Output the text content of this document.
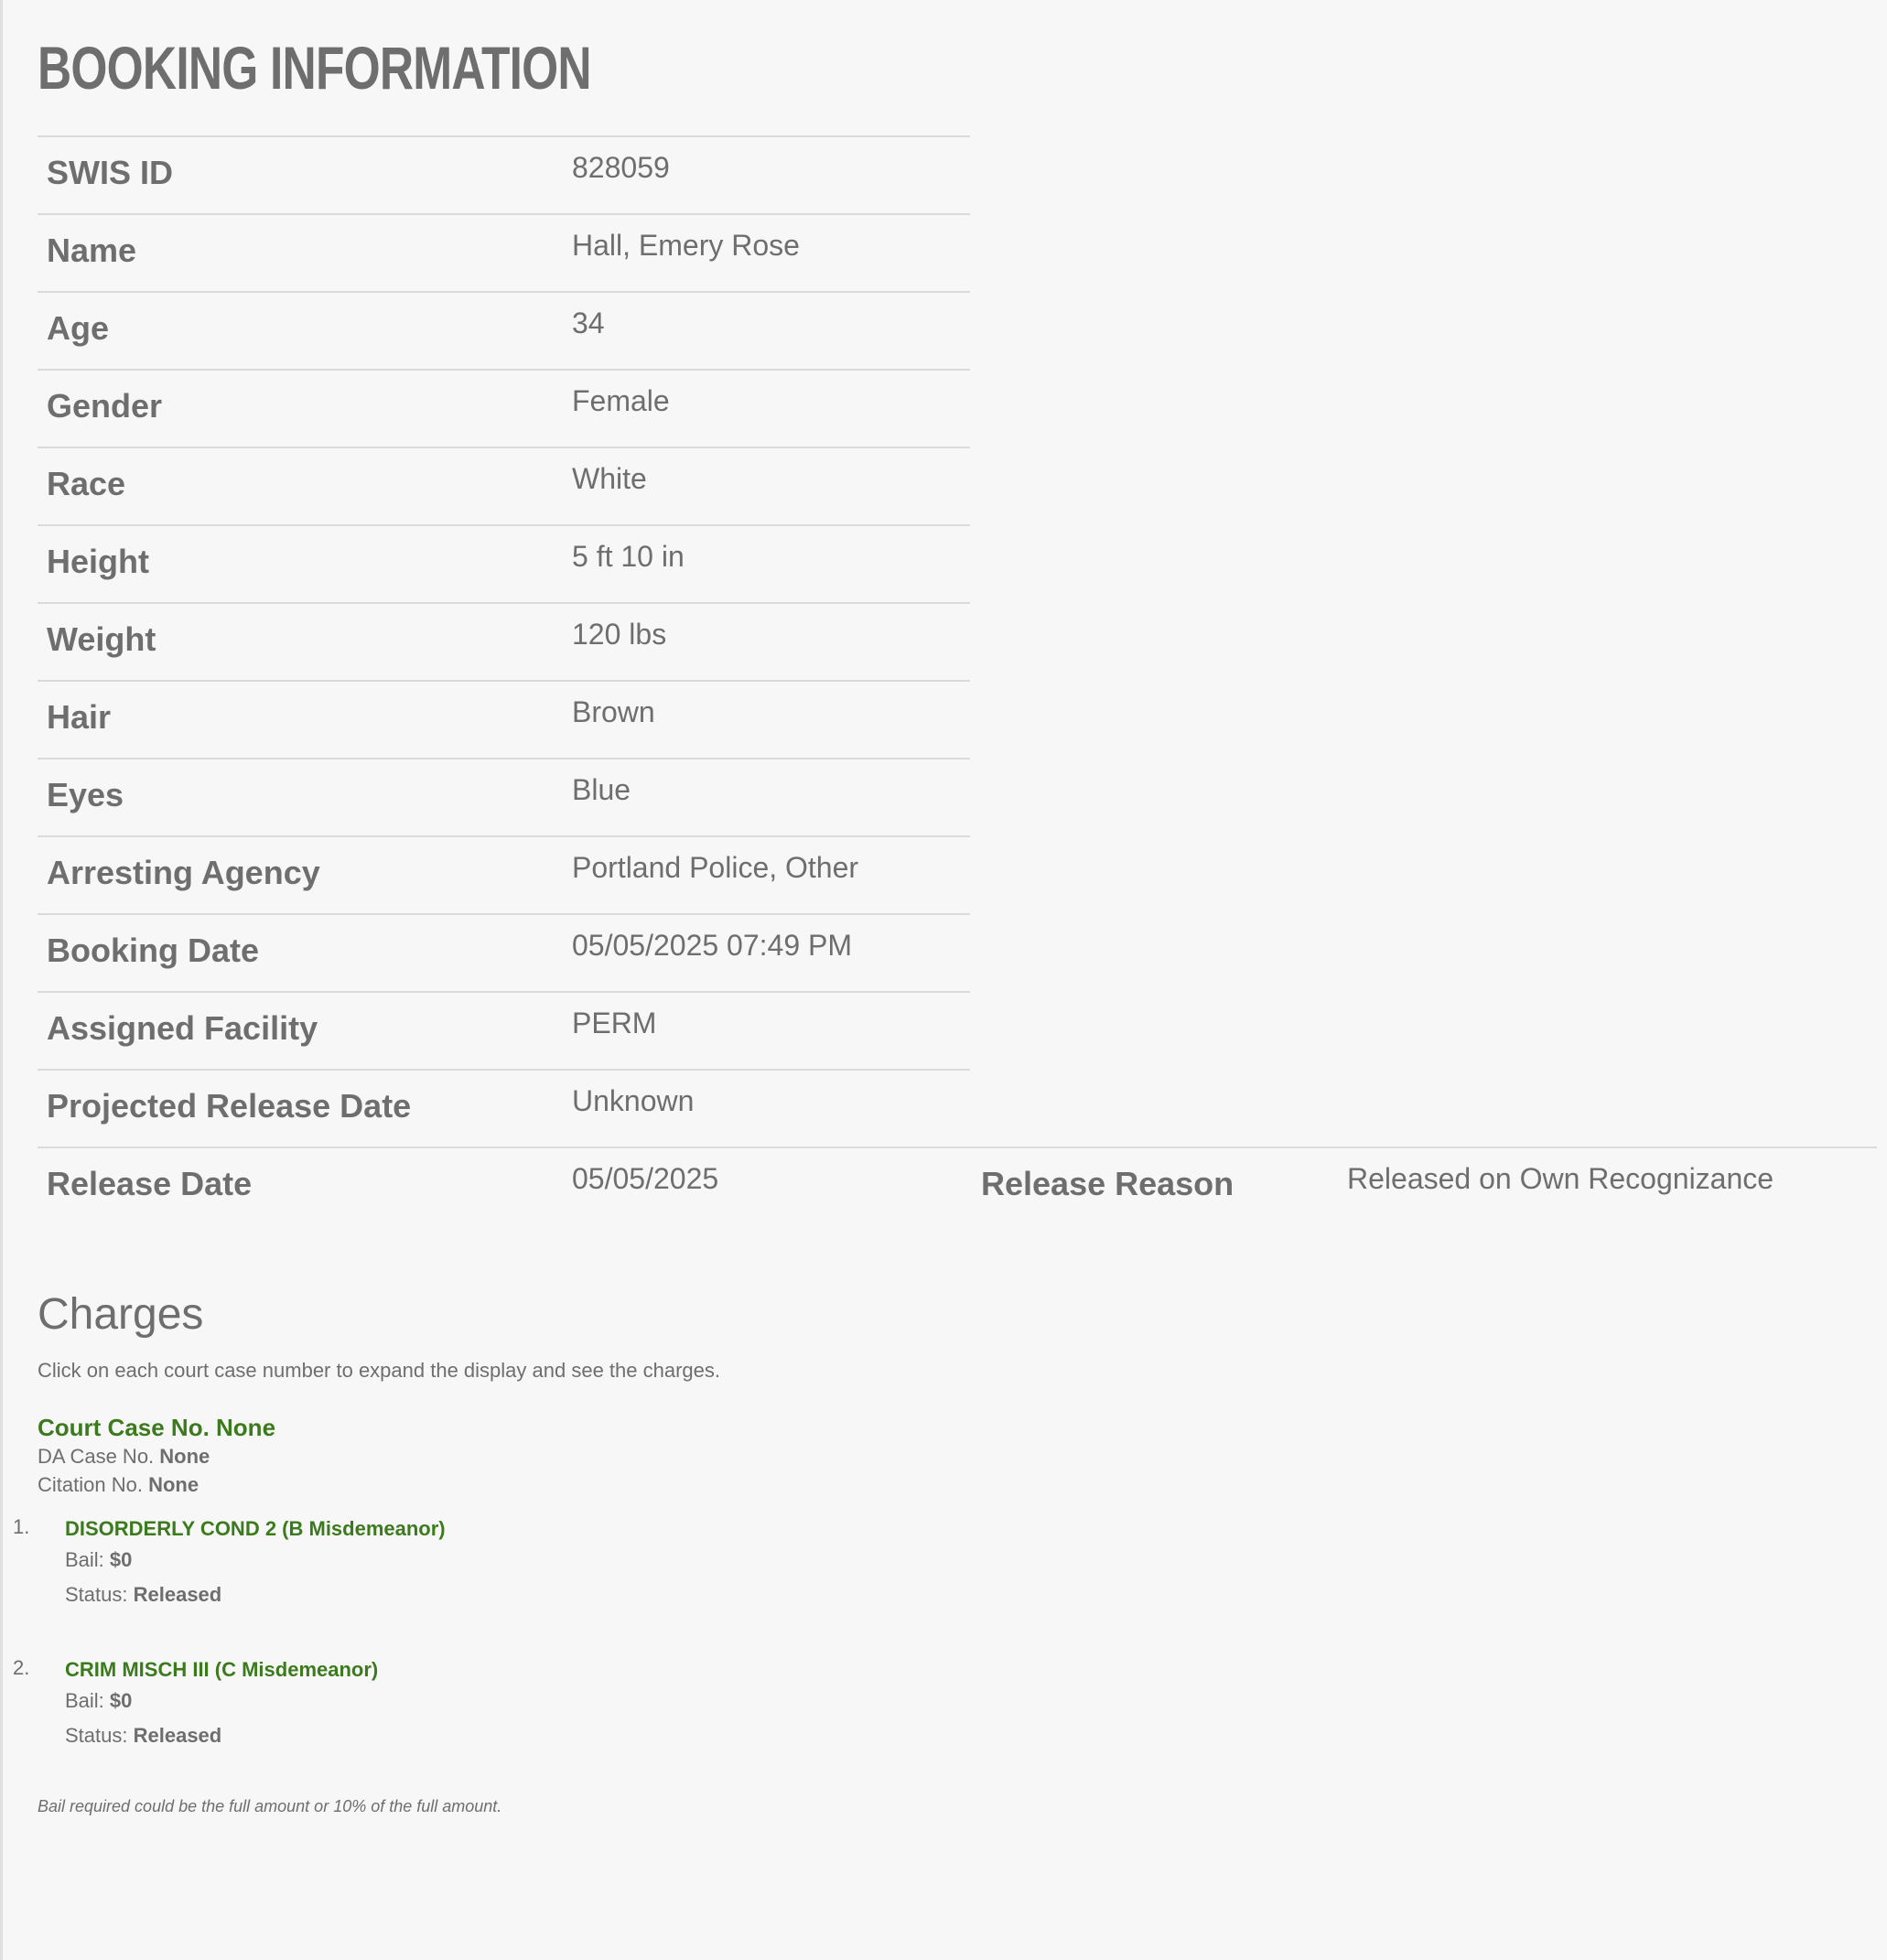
BOOKING INFORMATION
SWIS ID	828059		
Name	Hall, Emery Rose		
Age	34		
Gender	Female		
Race	White		
Height	5 ft 10 in		
Weight	120 lbs		
Hair	Brown		
Eyes	Blue		
Arresting Agency	Portland Police, Other		
Booking Date	05/05/2025 07:49 PM		
Assigned Facility	PERM		
Projected Release Date	Unknown		
Release Date	05/05/2025	Release Reason	Released on Own Recognizance
Charges
Click on each court case number to expand the display and see the charges.
Court Case No. None
DA Case No. None
Citation No. None
1. DISORDERLY COND 2 (B Misdemeanor)
Bail: $0
Status: Released
2. CRIM MISCH III (C Misdemeanor)
Bail: $0
Status: Released
Bail required could be the full amount or 10% of the full amount.
